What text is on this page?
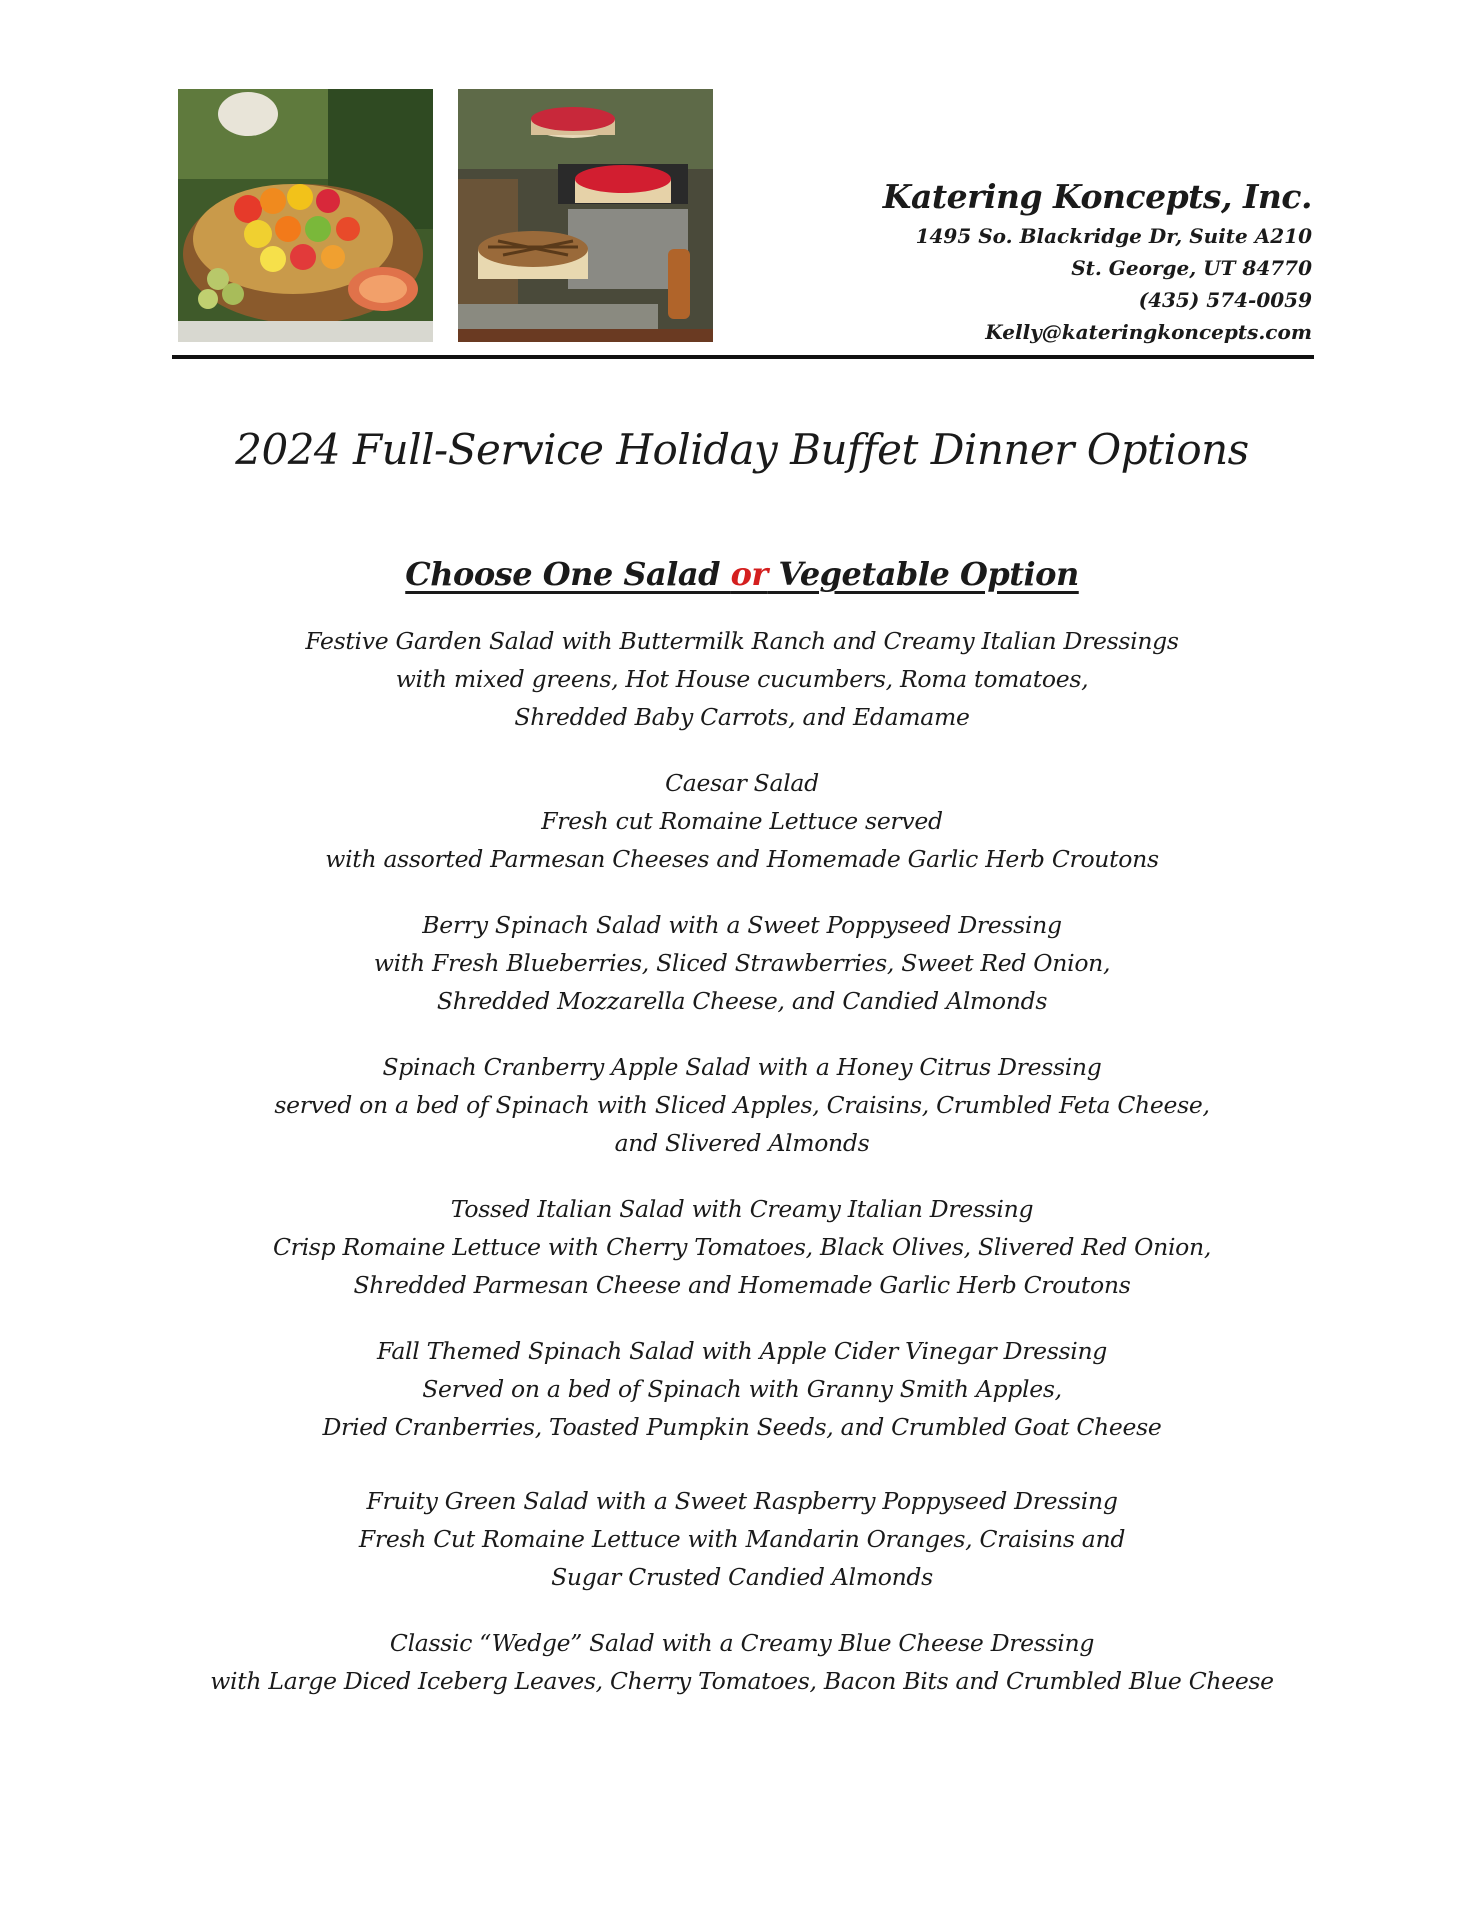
Katering Koncepts, Inc.
1495 So. Blackridge Dr, Suite A210
St. George, UT 84770
(435) 574-0059
Kelly@kateringkoncepts.com
2024 Full-Service Holiday Buffet Dinner Options
Choose One Salad or Vegetable Option
Festive Garden Salad with Buttermilk Ranch and Creamy Italian Dressings
with mixed greens, Hot House cucumbers, Roma tomatoes,
Shredded Baby Carrots, and Edamame
Caesar Salad
Fresh cut Romaine Lettuce served
with assorted Parmesan Cheeses and Homemade Garlic Herb Croutons
Berry Spinach Salad with a Sweet Poppyseed Dressing
with Fresh Blueberries, Sliced Strawberries, Sweet Red Onion,
Shredded Mozzarella Cheese, and Candied Almonds
Spinach Cranberry Apple Salad with a Honey Citrus Dressing
served on a bed of Spinach with Sliced Apples, Craisins, Crumbled Feta Cheese,
and Slivered Almonds
Tossed Italian Salad with Creamy Italian Dressing
Crisp Romaine Lettuce with Cherry Tomatoes, Black Olives, Slivered Red Onion,
Shredded Parmesan Cheese and Homemade Garlic Herb Croutons
Fall Themed Spinach Salad with Apple Cider Vinegar Dressing
Served on a bed of Spinach with Granny Smith Apples,
Dried Cranberries, Toasted Pumpkin Seeds, and Crumbled Goat Cheese
Fruity Green Salad with a Sweet Raspberry Poppyseed Dressing
Fresh Cut Romaine Lettuce with Mandarin Oranges, Craisins and
Sugar Crusted Candied Almonds
Classic “Wedge” Salad with a Creamy Blue Cheese Dressing
with Large Diced Iceberg Leaves, Cherry Tomatoes, Bacon Bits and Crumbled Blue Cheese
